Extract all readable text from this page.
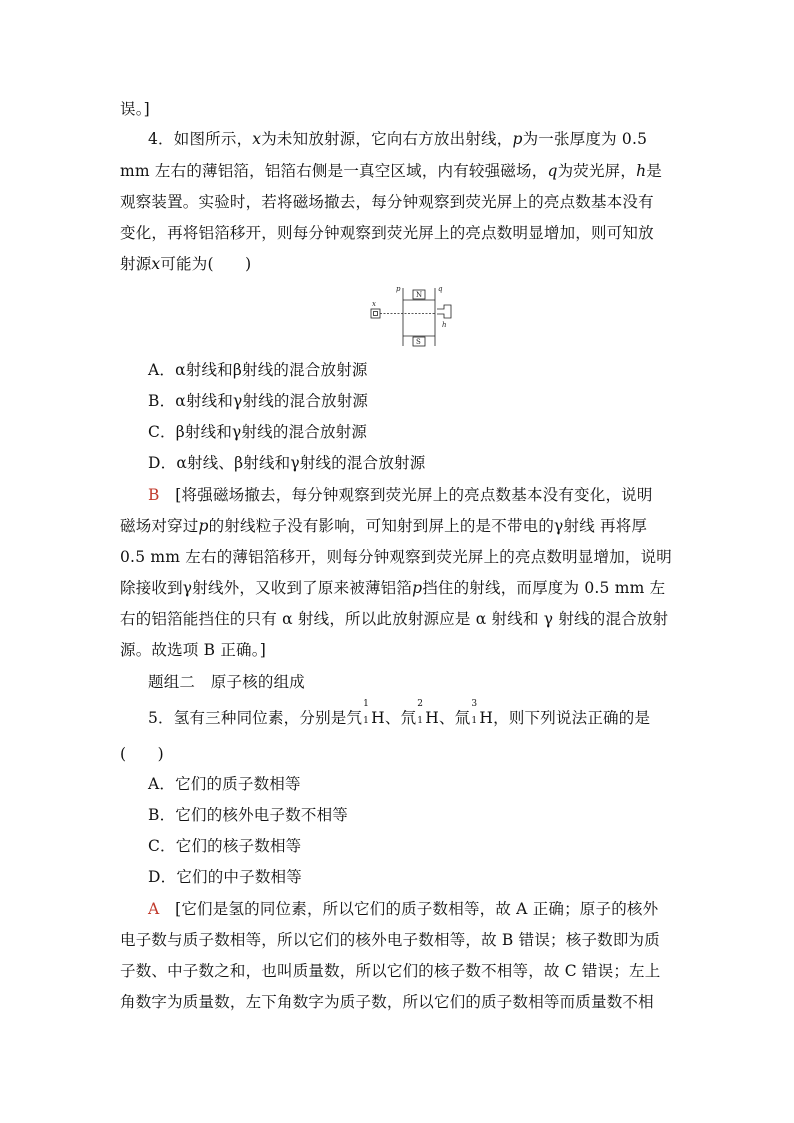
误。]
4．如图所示，x为未知放射源，它向右方放出射线，p为一张厚度为 0.5
mm 左右的薄铝箔，铝箔右侧是一真空区域，内有较强磁场，q为荧光屏，h是
观察装置。实验时，若将磁场撤去，每分钟观察到荧光屏上的亮点数基本没有
变化，再将铝箔移开，则每分钟观察到荧光屏上的亮点数明显增加，则可知放
射源x可能为(　　)
x
p	q
h
N
S
A．α射线和β射线的混合放射源
B．α射线和γ射线的混合放射源
C．β射线和γ射线的混合放射源
D．α射线、β射线和γ射线的混合放射源
B　 [将强磁场撤去，每分钟观察到荧光屏上的亮点数基本没有变化，说明
磁场对穿过p的射线粒子没有影响，可知射到屏上的是不带电的γ射线 再将厚
0.5 mm 左右的薄铝箔移开，则每分钟观察到荧光屏上的亮点数明显增加，说明
除接收到γ射线外，又收到了原来被薄铝箔p挡住的射线，而厚度为 0.5 mm 左
右的铝箔能挡住的只有 α 射线，所以此放射源应是 α 射线和 γ 射线的混合放射
源。故选项 B 正确。]
题组二　原子核的组成
5．氢有三种同位素，分别是氕
1
1 H、氘
2
1 H、氚
3
1 H，则下列说法正确的是
(　　)
A．它们的质子数相等
B．它们的核外电子数不相等
C．它们的核子数相等
D．它们的中子数相等
A　 [它们是氢的同位素，所以它们的质子数相等，故 A 正确；原子的核外
电子数与质子数相等，所以它们的核外电子数相等，故 B 错误；核子数即为质
子数、中子数之和，也叫质量数，所以它们的核子数不相等，故 C 错误；左上
角数字为质量数，左下角数字为质子数，所以它们的质子数相等而质量数不相
